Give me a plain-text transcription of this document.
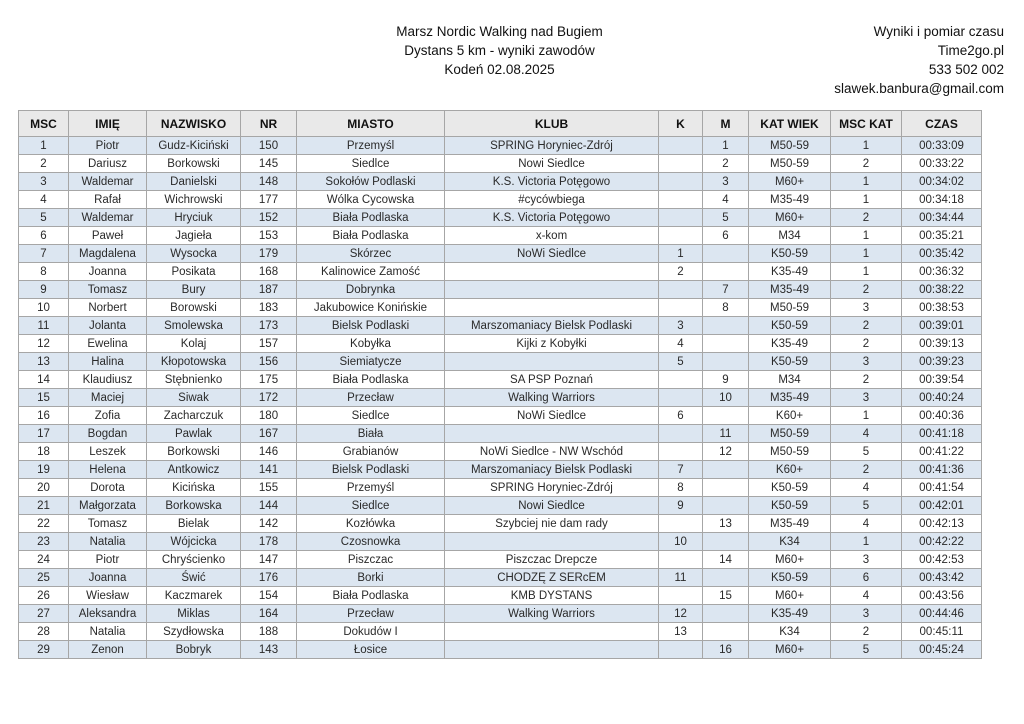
Marsz Nordic Walking nad Bugiem
Dystans 5 km - wyniki zawodów
Kodeń 02.08.2025
Wyniki i pomiar czasu
Time2go.pl
533 502 002
slawek.banbura@gmail.com
MSC	IMIĘ	NAZWISKO	NR	MIASTO	KLUB	K	M	KAT WIEK	MSC KAT	CZAS
1	Piotr	Gudz-Kiciński	150	Przemyśl	SPRING Horyniec-Zdrój		1	M50-59	1	00:33:09
2	Dariusz	Borkowski	145	Siedlce	Nowi Siedlce		2	M50-59	2	00:33:22
3	Waldemar	Danielski	148	Sokołów Podlaski	K.S. Victoria Potęgowo		3	M60+	1	00:34:02
4	Rafał	Wichrowski	177	Wólka Cycowska	#cycówbiega		4	M35-49	1	00:34:18
5	Waldemar	Hryciuk	152	Biała Podlaska	K.S. Victoria Potęgowo		5	M60+	2	00:34:44
6	Paweł	Jagieła	153	Biała Podlaska	x-kom		6	M34	1	00:35:21
7	Magdalena	Wysocka	179	Skórzec	NoWi Siedlce	1		K50-59	1	00:35:42
8	Joanna	Posikata	168	Kalinowice Zamość		2		K35-49	1	00:36:32
9	Tomasz	Bury	187	Dobrynka			7	M35-49	2	00:38:22
10	Norbert	Borowski	183	Jakubowice Konińskie			8	M50-59	3	00:38:53
11	Jolanta	Smolewska	173	Bielsk Podlaski	Marszomaniacy Bielsk Podlaski	3		K50-59	2	00:39:01
12	Ewelina	Kolaj	157	Kobyłka	Kijki z Kobyłki	4		K35-49	2	00:39:13
13	Halina	Kłopotowska	156	Siemiatycze		5		K50-59	3	00:39:23
14	Klaudiusz	Stębnienko	175	Biała Podlaska	SA PSP Poznań		9	M34	2	00:39:54
15	Maciej	Siwak	172	Przecław	Walking Warriors		10	M35-49	3	00:40:24
16	Zofia	Zacharczuk	180	Siedlce	NoWi Siedlce	6		K60+	1	00:40:36
17	Bogdan	Pawlak	167	Biała			11	M50-59	4	00:41:18
18	Leszek	Borkowski	146	Grabianów	NoWi Siedlce - NW Wschód		12	M50-59	5	00:41:22
19	Helena	Antkowicz	141	Bielsk Podlaski	Marszomaniacy Bielsk Podlaski	7		K60+	2	00:41:36
20	Dorota	Kicińska	155	Przemyśl	SPRING Horyniec-Zdrój	8		K50-59	4	00:41:54
21	Małgorzata	Borkowska	144	Siedlce	Nowi Siedlce	9		K50-59	5	00:42:01
22	Tomasz	Bielak	142	Kozłówka	Szybciej nie dam rady		13	M35-49	4	00:42:13
23	Natalia	Wójcicka	178	Czosnowka		10		K34	1	00:42:22
24	Piotr	Chryścienko	147	Piszczac	Piszczac Drepcze		14	M60+	3	00:42:53
25	Joanna	Świć	176	Borki	CHODZĘ Z SERcEM	11		K50-59	6	00:43:42
26	Wiesław	Kaczmarek	154	Biała Podlaska	KMB DYSTANS		15	M60+	4	00:43:56
27	Aleksandra	Miklas	164	Przecław	Walking Warriors	12		K35-49	3	00:44:46
28	Natalia	Szydłowska	188	Dokudów I		13		K34	2	00:45:11
29	Zenon	Bobryk	143	Łosice			16	M60+	5	00:45:24
